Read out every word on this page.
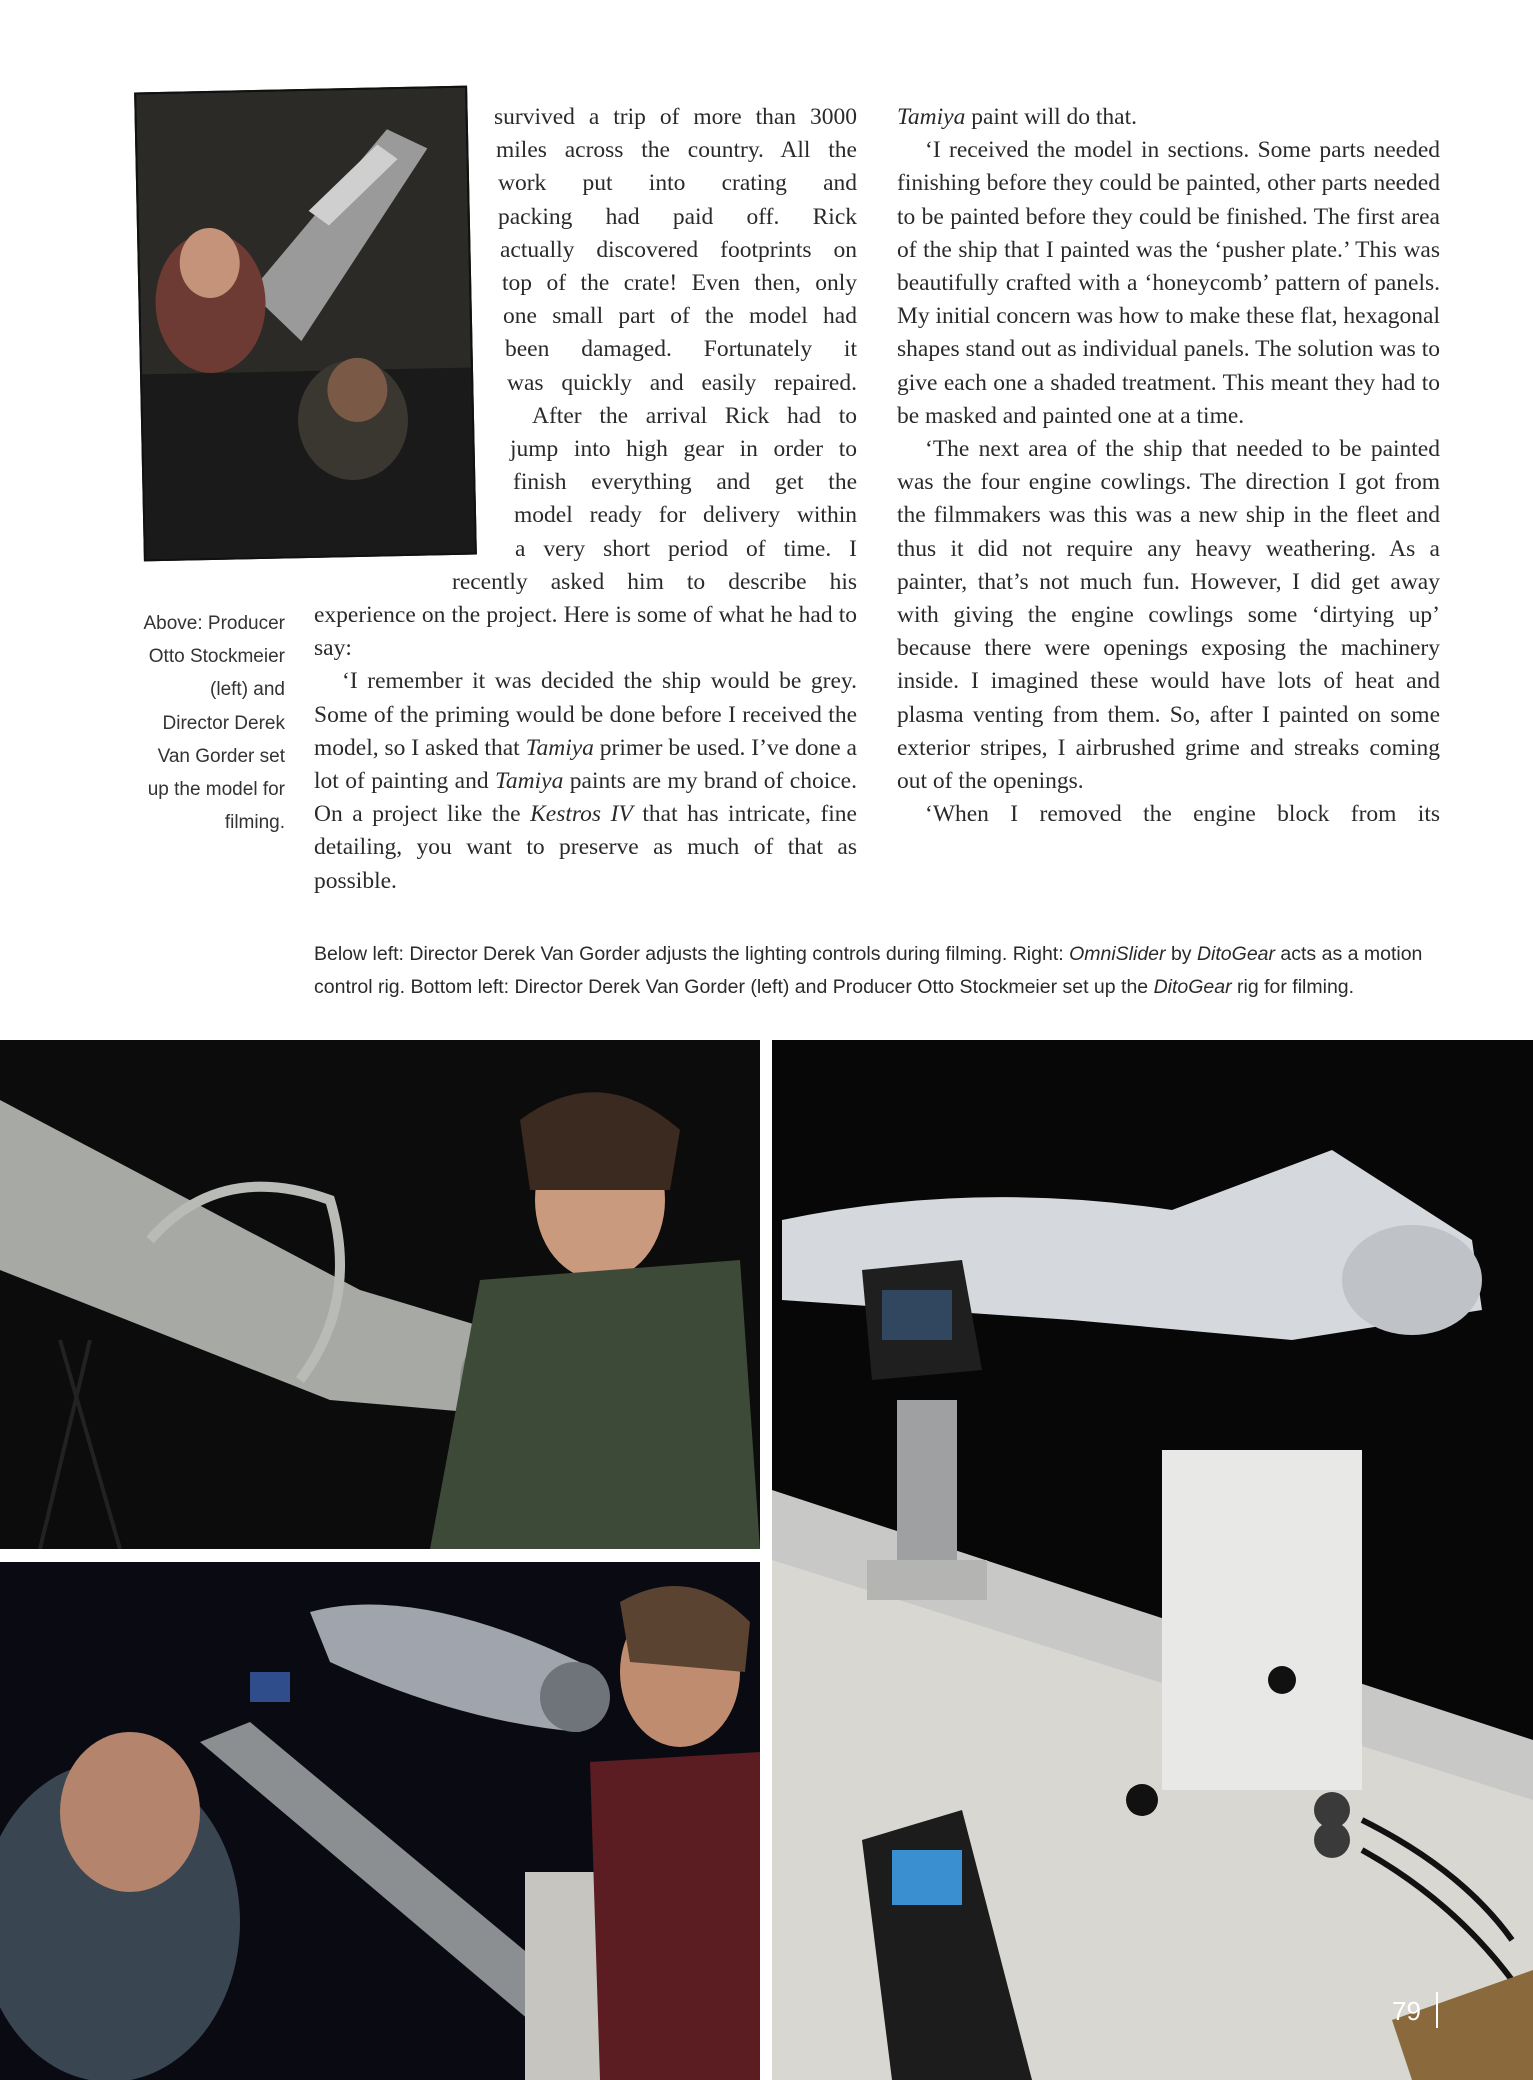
survived a trip of more than 3000
miles across the country. All the
work put into crating and
packing had paid off. Rick
actually discovered footprints on
top of the crate! Even then, only
one small part of the model had
been damaged. Fortunately it
was quickly and easily repaired.
After the arrival Rick had to
jump into high gear in order to
finish everything and get the
model ready for delivery within
a very short period of time. I
recently asked him to describe his

experience on the project. Here is some of what he had to say:

‘I remember it was decided the ship would be grey. Some of the priming would be done before I received the model, so I asked that Tamiya primer be used. I’ve done a lot of painting and Tamiya paints are my brand of choice. On a project like the Kestros IV that has intricate, fine detailing, you want to preserve as much of that as possible.

Above: Producer Otto Stockmeier (left) and Director Derek Van Gorder set up the model for filming.

Tamiya paint will do that.

‘I received the model in sections. Some parts needed finishing before they could be painted, other parts needed to be painted before they could be finished. The first area of the ship that I painted was the ‘pusher plate.’ This was beautifully crafted with a ‘honeycomb’ pattern of panels. My initial concern was how to make these flat, hexagonal shapes stand out as individual panels. The solution was to give each one a shaded treatment. This meant they had to be masked and painted one at a time.

‘The next area of the ship that needed to be painted was the four engine cowlings. The direction I got from the filmmakers was this was a new ship in the fleet and thus it did not require any heavy weathering. As a painter, that’s not much fun. However, I did get away with giving the engine cowlings some ‘dirtying up’ because there were openings exposing the machinery inside. I imagined these would have lots of heat and plasma venting from them. So, after I painted on some exterior stripes, I airbrushed grime and streaks coming out of the openings.

‘When I removed the engine block from its

Below left: Director Derek Van Gorder adjusts the lighting controls during filming. Right: OmniSlider by DitoGear acts as a motion control rig. Bottom left: Director Derek Van Gorder (left) and Producer Otto Stockmeier set up the DitoGear rig for filming.
79
